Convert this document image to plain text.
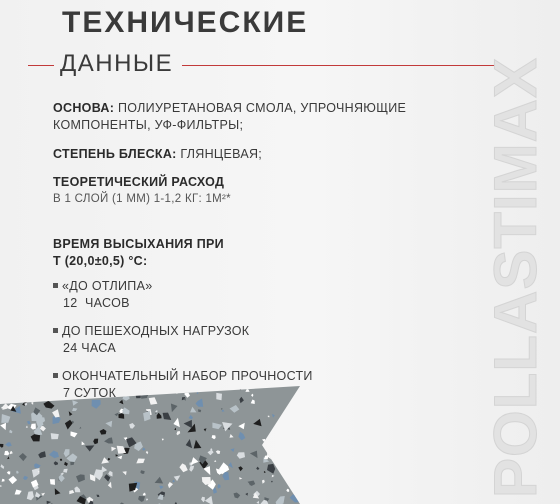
ТЕХНИЧЕСКИЕ
ДАННЫЕ	POLLASTIMAX
ОСНОВА: ПОЛИУРЕТАНОВАЯ СМОЛА, УПРОЧНЯЮЩИЕ
КОМПОНЕНТЫ, УФ-ФИЛЬТРЫ;
СТЕПЕНЬ БЛЕСКА: ГЛЯНЦЕВАЯ;
ТЕОРЕТИЧЕСКИЙ РАСХОД
В 1 СЛОЙ (1 ММ) 1-1,2 КГ: 1М²*
ВРЕМЯ ВЫСЫХАНИЯ ПРИ
T (20,0±0,5) °C:
«ДО ОТЛИПА»
12  ЧАСОВ
ДО ПЕШЕХОДНЫХ НАГРУЗОК
24 ЧАСА
ОКОНЧАТЕЛЬНЫЙ НАБОР ПРОЧНОСТИ
7 СУТОК
